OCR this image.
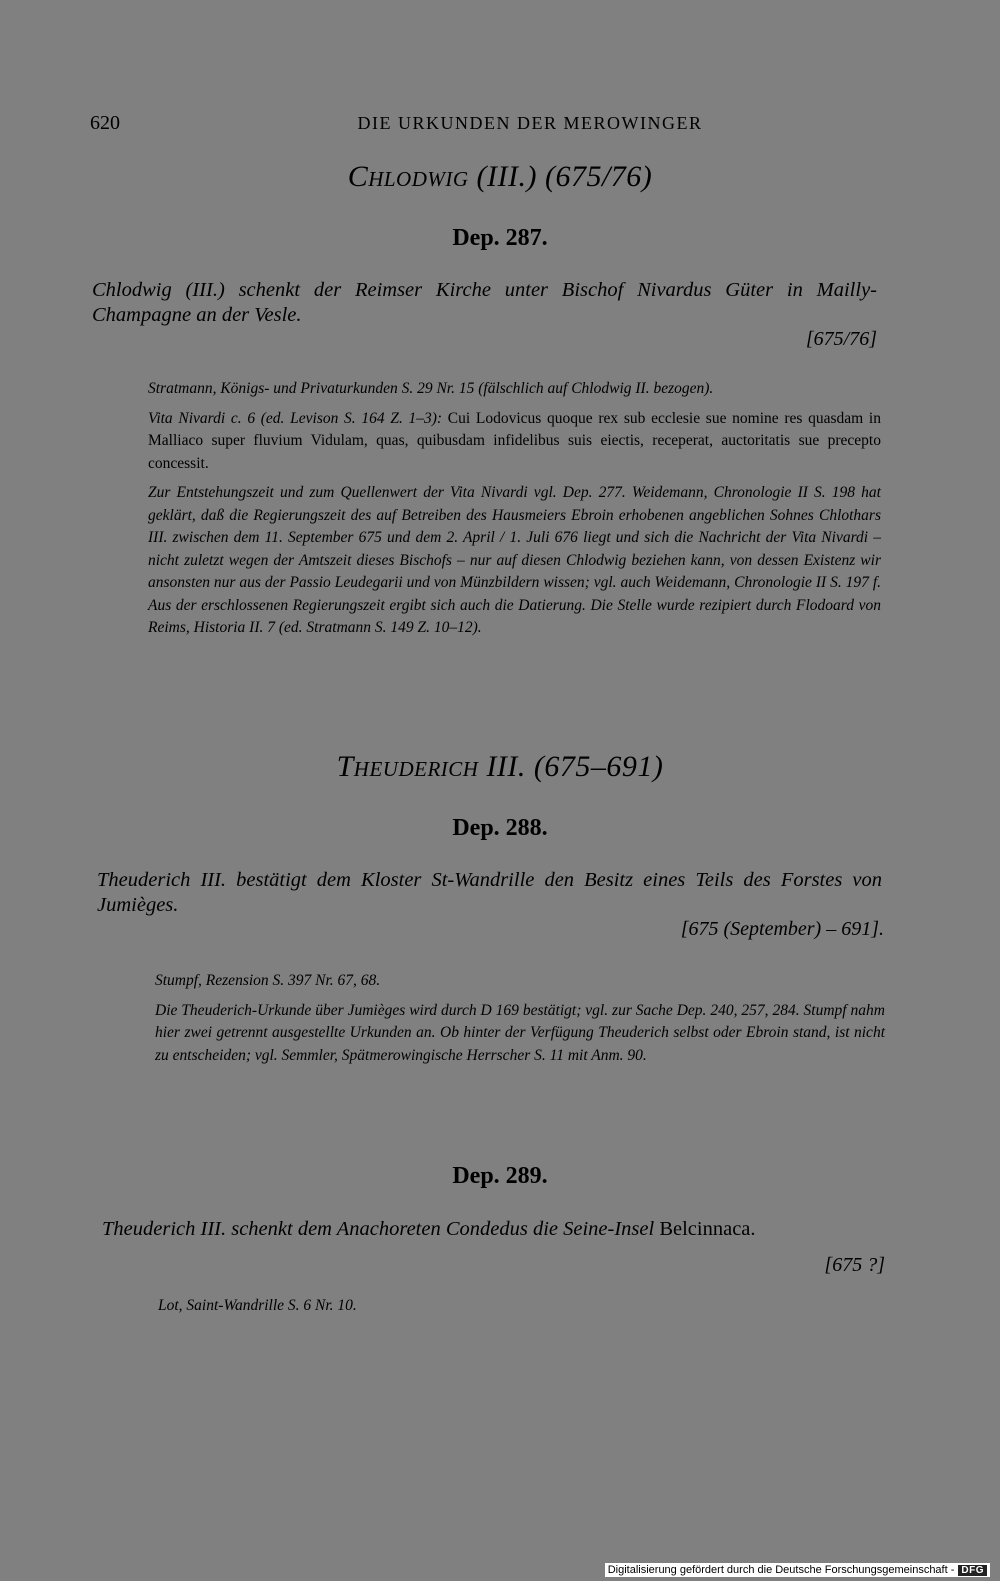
620	DIE URKUNDEN DER MEROWINGER
Chlodwig (III.) (675/76)
Dep. 287.
Chlodwig (III.) schenkt der Reimser Kirche unter Bischof Nivardus Güter in Mailly-Champagne an der Vesle.
[675/76]

Stratmann, Königs- und Privaturkunden S. 29 Nr. 15 (fälschlich auf Chlodwig II. bezogen).

Vita Nivardi c. 6 (ed. Levison S. 164 Z. 1–3): Cui Lodovicus quoque rex sub ecclesie sue nomine res quasdam in Malliaco super fluvium Vidulam, quas, quibusdam infidelibus suis eiectis, receperat, auctoritatis sue precepto concessit.

Zur Entstehungszeit und zum Quellenwert der Vita Nivardi vgl. Dep. 277. Weidemann, Chronologie II S. 198 hat geklärt, daß die Regierungszeit des auf Betreiben des Hausmeiers Ebroin erhobenen angeblichen Sohnes Chlothars III. zwischen dem 11. September 675 und dem 2. April / 1. Juli 676 liegt und sich die Nachricht der Vita Nivardi – nicht zuletzt wegen der Amtszeit dieses Bischofs – nur auf diesen Chlodwig beziehen kann, von dessen Existenz wir ansonsten nur aus der Passio Leudegarii und von Münzbildern wissen; vgl. auch Weidemann, Chronologie II S. 197 f. Aus der erschlossenen Regierungszeit ergibt sich auch die Datierung. Die Stelle wurde rezipiert durch Flodoard von Reims, Historia II. 7 (ed. Stratmann S. 149 Z. 10–12).

Theuderich III. (675–691)
Dep. 288.
Theuderich III. bestätigt dem Kloster St-Wandrille den Besitz eines Teils des Forstes von Jumièges.
[675 (September) – 691].

Stumpf, Rezension S. 397 Nr. 67, 68.

Die Theuderich-Urkunde über Jumièges wird durch D 169 bestätigt; vgl. zur Sache Dep. 240, 257, 284. Stumpf nahm hier zwei getrennt ausgestellte Urkunden an. Ob hinter der Verfügung Theuderich selbst oder Ebroin stand, ist nicht zu entscheiden; vgl. Semmler, Spätmerowingische Herrscher S. 11 mit Anm. 90.

Dep. 289.
Theuderich III. schenkt dem Anachoreten Condedus die Seine-Insel Belcinnaca.
[675 ?]

Lot, Saint-Wandrille S. 6 Nr. 10.

Digitalisierung gefördert durch die Deutsche Forschungsgemeinschaft - DFG
